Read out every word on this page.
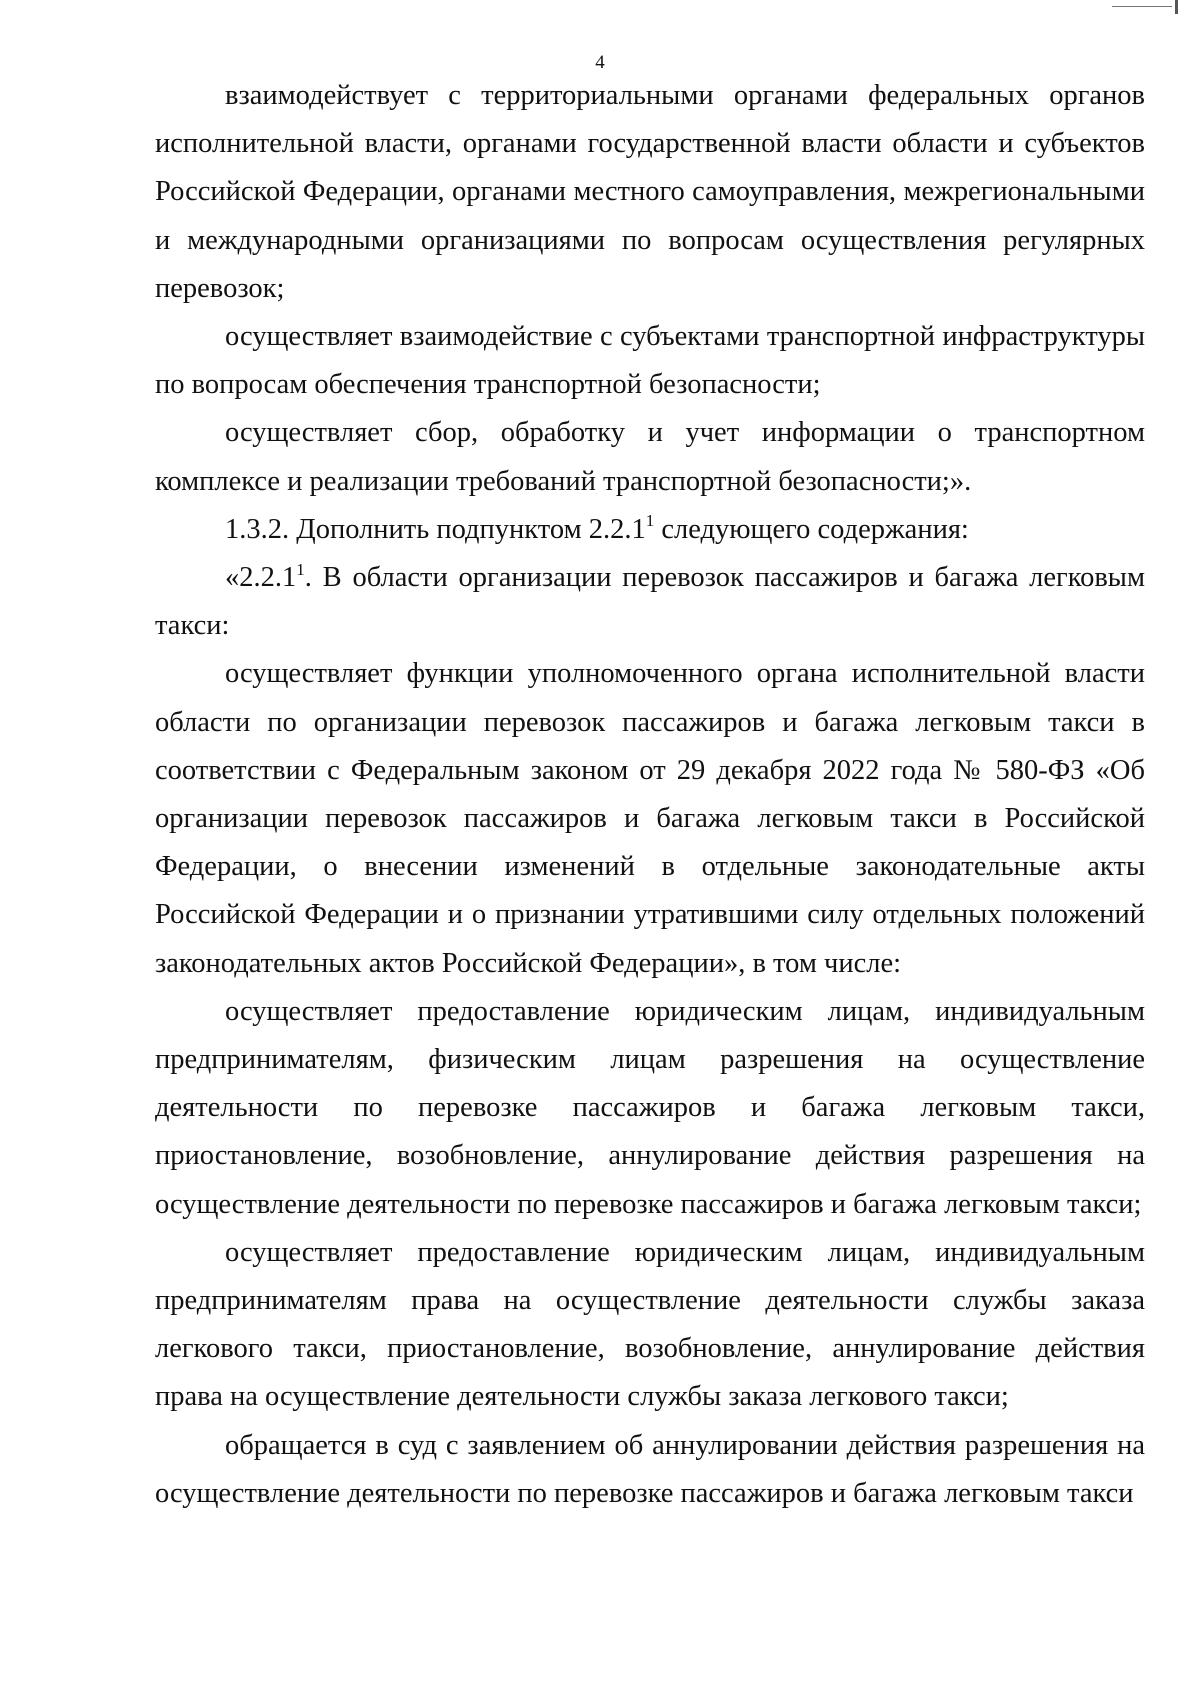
4

взаимодействует с территориальными органами федеральных органов исполнительной власти, органами государственной власти области и субъектов Российской Федерации, органами местного самоуправления, межрегиональными и международными организациями по вопросам осуществления регулярных перевозок;

осуществляет взаимодействие с субъектами транспортной инфраструктуры по вопросам обеспечения транспортной безопасности;

осуществляет сбор, обработку и учет информации о транспортном комплексе и реализации требований транспортной безопасности;».

1.3.2. Дополнить подпунктом 2.2.1$^1$ следующего содержания:

«2.2.1$^1$. В области организации перевозок пассажиров и багажа легковым такси:

осуществляет функции уполномоченного органа исполнительной власти области по организации перевозок пассажиров и багажа легковым такси в соответствии с Федеральным законом от 29 декабря 2022 года № 580-ФЗ «Об организации перевозок пассажиров и багажа легковым такси в Российской Федерации, о внесении изменений в отдельные законодательные акты Российской Федерации и о признании утратившими силу отдельных положений законодательных актов Российской Федерации», в том числе:

осуществляет предоставление юридическим лицам, индивидуальным предпринимателям, физическим лицам разрешения на осуществление деятельности по перевозке пассажиров и багажа легковым такси, приостановление, возобновление, аннулирование действия разрешения на осуществление деятельности по перевозке пассажиров и багажа легковым такси;

осуществляет предоставление юридическим лицам, индивидуальным предпринимателям права на осуществление деятельности службы заказа легкового такси, приостановление, возобновление, аннулирование действия права на осуществление деятельности службы заказа легкового такси;

обращается в суд с заявлением об аннулировании действия разрешения на осуществление деятельности по перевозке пассажиров и багажа легковым такси
